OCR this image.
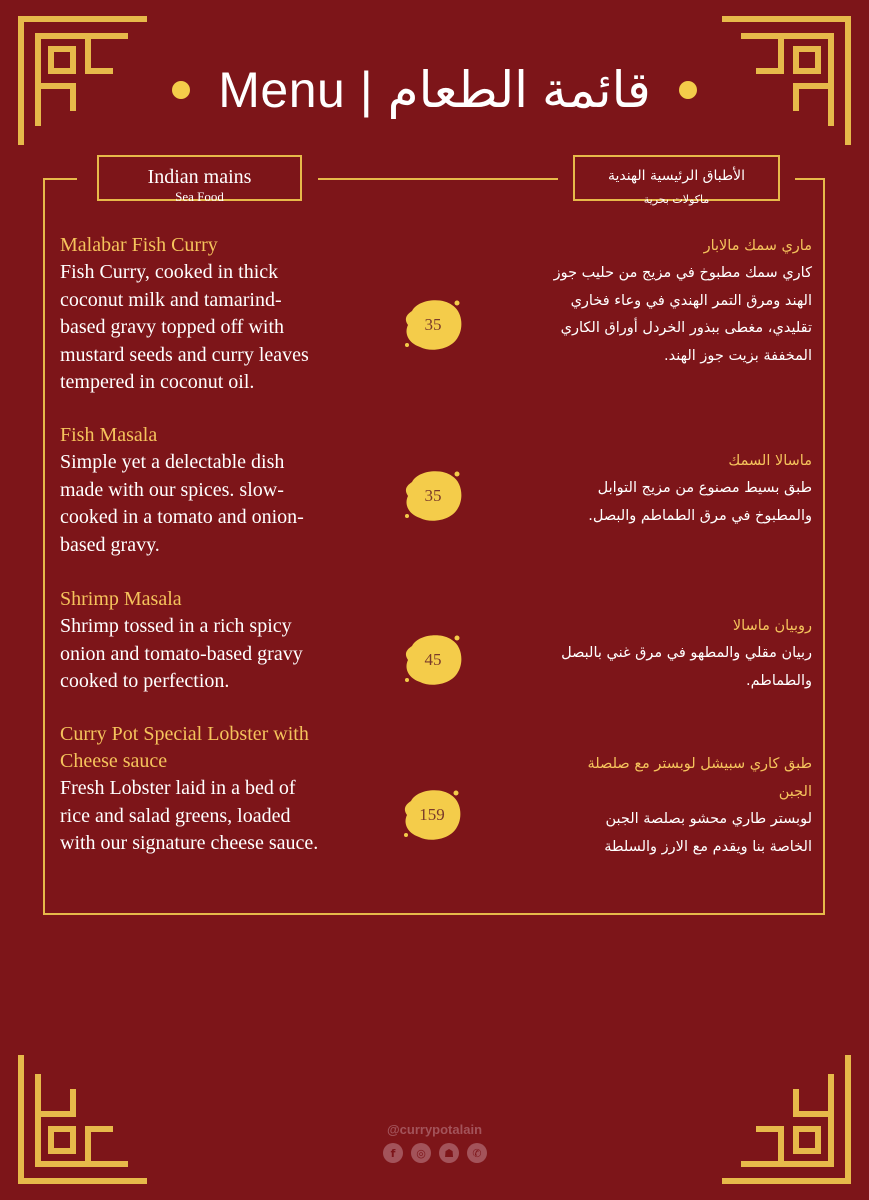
Menu | قائمة الطعام
Indian mains
Sea Food
الأطباق الرئيسية الهندية
ماكولات بحرية
Malabar Fish Curry
Fish Curry, cooked in thick
coconut milk and tamarind-
based gravy topped off with
mustard seeds and curry leaves
tempered in coconut oil.
35
ماري سمك مالابار
كاري سمك مطبوخ في مزيج من حليب جوز
الهند ومرق التمر الهندي في وعاء فخاري
تقليدي، مغطى ببذور الخردل أوراق الكاري
المخففة بزيت جوز الهند.
Fish Masala
Simple yet a delectable dish
made with our spices. slow-
cooked in a tomato and onion-
based gravy.
35
ماسالا السمك
طبق بسيط مصنوع من مزيج التوابل
والمطبوخ في مرق الطماطم والبصل.
Shrimp Masala
Shrimp tossed in a rich spicy
onion and tomato-based gravy
cooked to perfection.
45
روبيان ماسالا
ربيان مقلي والمطهو في مرق غني بالبصل
والطماطم.
Curry Pot Special Lobster with
Cheese sauce
Fresh Lobster laid in a bed of
rice and salad greens, loaded
with our signature cheese sauce.
159
طبق كاري سبيشل لوبستر مع صلصلة
الجبن
لوبستر طاري محشو بصلصة الجبن
الخاصة بنا ويقدم مع الارز والسلطة
@currypotalain
f	◎	☗	✆
